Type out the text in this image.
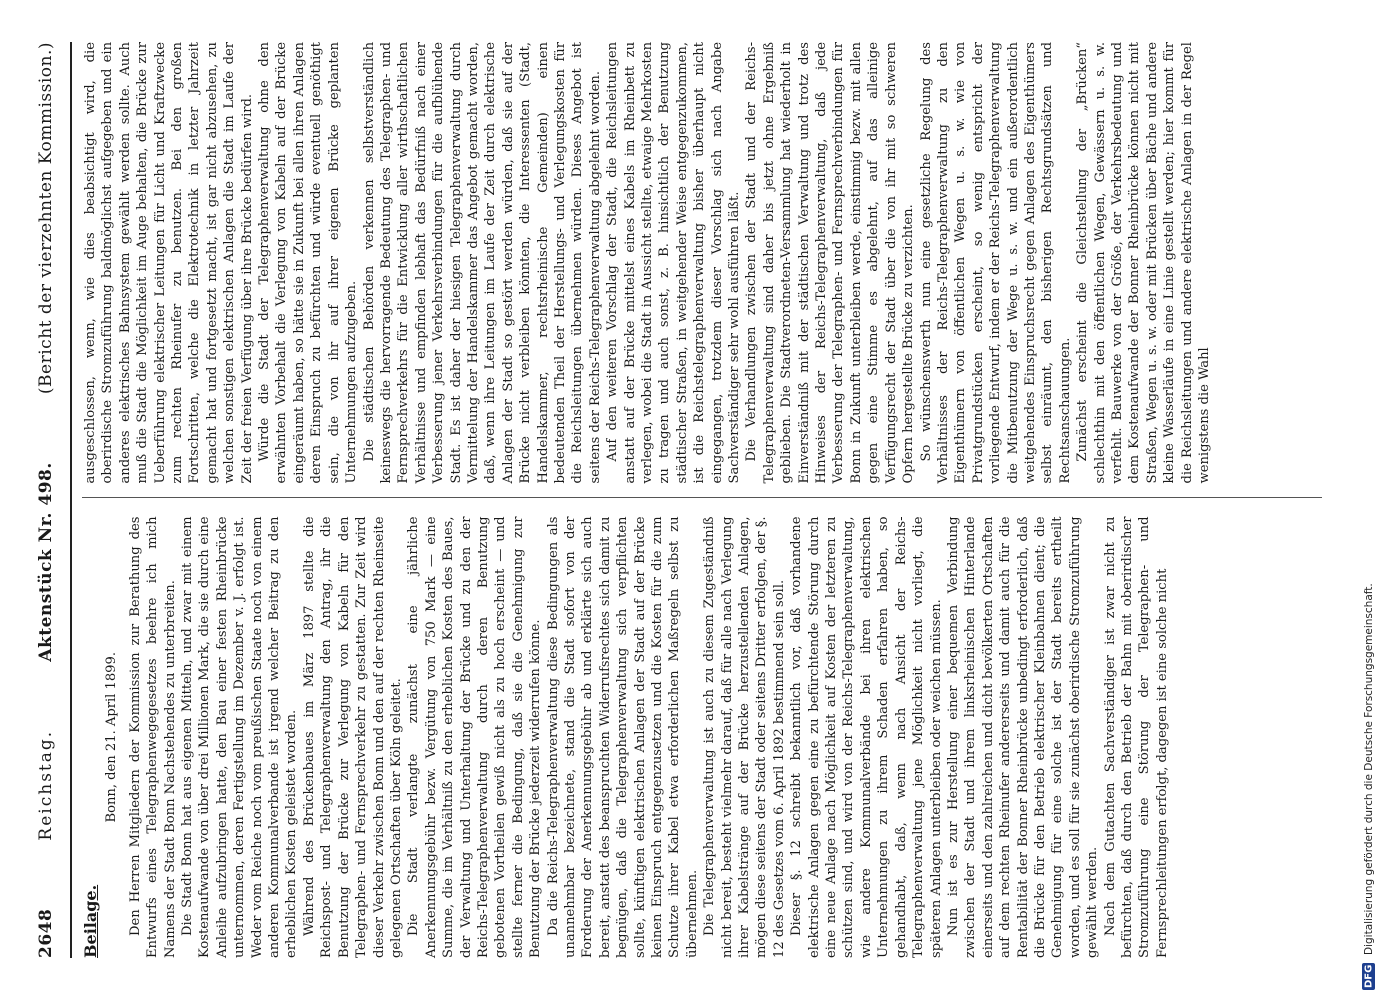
DFG
Digitalisierung gefördert durch die Deutsche Forschungsgemeinschaft.
2648
Reichstag.
Aktenstück Nr. 498.
(Bericht der vierzehnten Kommission.)

Beilage.

Bonn, den 21. April 1899. Den Herren Mitgliedern der Kommission zur Berathung des Entwurfs eines Telegraphenwegegesetzes beehre ich mich Namens der Stadt Bonn Nachstehendes zu unterbreiten. Die Stadt Bonn hat aus eigenen Mitteln, und zwar mit einem Kostenaufwande von über drei Millionen Mark, die sie durch eine Anleihe aufzubringen hatte, den Bau einer festen Rheinbrücke unternommen, deren Fertigstellung im Dezember v. J. erfolgt ist. Weder vom Reiche noch vom preußischen Staate noch von einem anderen Kommunalverbande ist irgend welcher Beitrag zu den erheblichen Kosten geleistet worden. Während des Brückenbaues im März 1897 stellte die Reichspost- und Telegraphenverwaltung den Antrag, ihr die Benutzung der Brücke zur Verlegung von Kabeln für den Telegraphen- und Fernsprechverkehr zu gestatten. Zur Zeit wird dieser Verkehr zwischen Bonn und den auf der rechten Rheinseite gelegenen Ortschaften über Köln geleitet. Die Stadt verlangte zunächst eine jährliche Anerkennungsgebühr bezw. Vergütung von 750 Mark — eine Summe, die im Verhältniß zu den erheblichen Kosten des Baues, der Verwaltung und Unterhaltung der Brücke und zu den der Reichs-Telegraphenverwaltung durch deren Benutzung gebotenen Vortheilen gewiß nicht als zu hoch erscheint — und stellte ferner die Bedingung, daß sie die Genehmigung zur Benutzung der Brücke jederzeit widerrufen könne. Da die Reichs-Telegraphenverwaltung diese Bedingungen als unannehmbar bezeichnete, stand die Stadt sofort von der Forderung der Anerkennungsgebühr ab und erklärte sich auch bereit, anstatt des beanspruchten Widerrufsrechtes sich damit zu begnügen, daß die Telegraphenverwaltung sich verpflichten sollte, künftigen elektrischen Anlagen der Stadt auf der Brücke keinen Einspruch entgegenzusetzen und die Kosten für die zum Schutze ihrer Kabel etwa erforderlichen Maßregeln selbst zu übernehmen. Die Telegraphenverwaltung ist auch zu diesem Zugeständniß nicht bereit, besteht vielmehr darauf, daß für alle nach Verlegung ihrer Kabelstränge auf der Brücke herzustellenden Anlagen, mögen diese seitens der Stadt oder seitens Dritter erfolgen, der §. 12 des Gesetzes vom 6. April 1892 bestimmend sein soll. Dieser §. 12 schreibt bekanntlich vor, daß vorhandene elektrische Anlagen gegen eine zu befürchtende Störung durch eine neue Anlage nach Möglichkeit auf Kosten der letzteren zu schützen sind, und wird von der Reichs-Telegraphenverwaltung, wie andere Kommunalverbände bei ihren elektrischen Unternehmungen zu ihrem Schaden erfahren haben, so gehandhabt, daß, wenn nach Ansicht der Reichs-Telegraphenverwaltung jene Möglichkeit nicht vorliegt, die späteren Anlagen unterbleiben oder weichen müssen. Nun ist es zur Herstellung einer bequemen Verbindung zwischen der Stadt und ihrem linksrheinischen Hinterlande einerseits und den zahlreichen und dicht bevölkerten Ortschaften auf dem rechten Rheinufer andererseits und damit auch für die Rentabilität der Bonner Rheinbrücke unbedingt erforderlich, daß die Brücke für den Betrieb elektrischer Kleinbahnen dient; die Genehmigung für eine solche ist der Stadt bereits ertheilt worden, und es soll für sie zunächst oberirdische Stromzuführung gewählt werden. Nach dem Gutachten Sachverständiger ist zwar nicht zu befürchten, daß durch den Betrieb der Bahn mit oberirdischer Stromzuführung eine Störung der Telegraphen- und Fernsprechleitungen erfolgt, dagegen ist eine solche nicht

ausgeschlossen, wenn, wie dies beabsichtigt wird, die oberirdische Stromzuführung baldmöglichst aufgegeben und ein anderes elektrisches Bahnsystem gewählt werden sollte. Auch muß die Stadt die Möglichkeit im Auge behalten, die Brücke zur Ueberführung elektrischer Leitungen für Licht und Kraftzwecke zum rechten Rheinufer zu benutzen. Bei den großen Fortschritten, welche die Elektrotechnik in letzter Jahrzeit gemacht hat und fortgesetzt macht, ist gar nicht abzusehen, zu welchen sonstigen elektrischen Anlagen die Stadt im Laufe der Zeit der freien Verfügung über ihre Brücke bedürfen wird. Würde die Stadt der Telegraphenverwaltung ohne den erwähnten Vorbehalt die Verlegung von Kabeln auf der Brücke eingeräumt haben, so hätte sie in Zukunft bei allen ihren Anlagen deren Einspruch zu befürchten und würde eventuell genöthigt sein, die von ihr auf ihrer eigenen Brücke geplanten Unternehmungen aufzugeben. Die städtischen Behörden verkennen selbstverständlich keineswegs die hervorragende Bedeutung des Telegraphen- und Fernsprechverkehrs für die Entwicklung aller wirthschaftlichen Verhältnisse und empfinden lebhaft das Bedürfniß nach einer Verbesserung jener Verkehrsverbindungen für die aufblühende Stadt. Es ist daher der hiesigen Telegraphenverwaltung durch Vermittelung der Handelskammer das Angebot gemacht worden, daß, wenn ihre Leitungen im Laufe der Zeit durch elektrische Anlagen der Stadt so gestört werden würden, daß sie auf der Brücke nicht verbleiben könnten, die Interessenten (Stadt, Handelskammer, rechtsrheinische Gemeinden) einen bedeutenden Theil der Herstellungs- und Verlegungskosten für die Reichsleitungen übernehmen würden. Dieses Angebot ist seitens der Reichs-Telegraphenverwaltung abgelehnt worden. Auf den weiteren Vorschlag der Stadt, die Reichsleitungen anstatt auf der Brücke mittelst eines Kabels im Rheinbett zu verlegen, wobei die Stadt in Aussicht stellte, etwaige Mehrkosten zu tragen und auch sonst, z. B. hinsichtlich der Benutzung städtischer Straßen, in weitgehender Weise entgegenzukommen, ist die Reichstelegraphenverwaltung bisher überhaupt nicht eingegangen, trotzdem dieser Vorschlag sich nach Angabe Sachverständiger sehr wohl ausführen läßt. Die Verhandlungen zwischen der Stadt und der Reichs-Telegraphenverwaltung sind daher bis jetzt ohne Ergebniß geblieben. Die Stadtverordneten-Versammlung hat wiederholt in Einverständniß mit der städtischen Verwaltung und trotz des Hinweises der Reichs-Telegraphenverwaltung, daß jede Verbesserung der Telegraphen- und Fernsprechverbindungen für Bonn in Zukunft unterbleiben werde, einstimmig bezw. mit allen gegen eine Stimme es abgelehnt, auf das alleinige Verfügungsrecht der Stadt über die von ihr mit so schweren Opfern hergestellte Brücke zu verzichten. So wünschenswerth nun eine gesetzliche Regelung des Verhältnisses der Reichs-Telegraphenverwaltung zu den Eigenthümern von öffentlichen Wegen u. s. w. wie von Privatgrundstücken erscheint, so wenig entspricht der vorliegende Entwurf, indem er der Reichs-Telegraphenverwaltung die Mitbenutzung der Wege u. s. w. und ein außerordentlich weitgehendes Einspruchsrecht gegen Anlagen des Eigenthümers selbst einräumt, den bisherigen Rechtsgrundsätzen und Rechtsanschauungen. Zunächst erscheint die Gleichstellung der „Brücken“ schlechthin mit den öffentlichen Wegen, Gewässern u. s. w. verfehlt. Bauwerke von der Größe, der Verkehrsbedeutung und dem Kostenaufwande der Bonner Rheinbrücke können nicht mit Straßen, Wegen u. s. w. oder mit Brücken über Bäche und andere kleine Wasserläufe in eine Linie gestellt werden; hier kommt für die Reichsleitungen und andere elektrische Anlagen in der Regel wenigstens die Wahl
